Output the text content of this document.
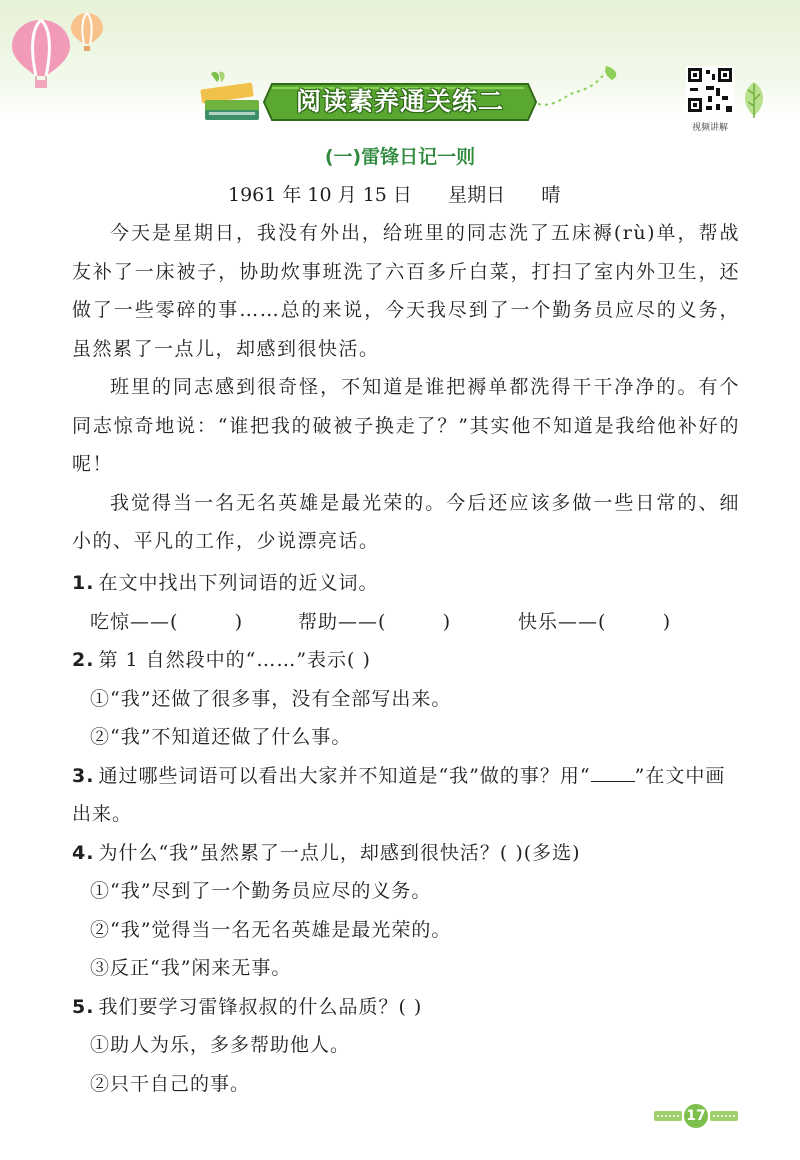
阅读素养通关练二
视频讲解
(一)雷锋日记一则
1961 年 10 月 15 日      星期日      晴

今天是星期日，我没有外出，给班里的同志洗了五床褥(rù)单，帮战友补了一床被子，协助炊事班洗了六百多斤白菜，打扫了室内外卫生，还做了一些零碎的事……总的来说，今天我尽到了一个勤务员应尽的义务，虽然累了一点儿，却感到很快活。

班里的同志感到很奇怪，不知道是谁把褥单都洗得干干净净的。有个同志惊奇地说：“谁把我的破被子换走了？”其实他不知道是我给他补好的呢！

我觉得当一名无名英雄是最光荣的。今后还应该多做一些日常的、细小的、平凡的工作，少说漂亮话。

1. 在文中找出下列词语的近义词。

吃惊——(        )	帮助——(        )	快乐——(        )

2. 第 1 自然段中的“……”表示( )

①“我”还做了很多事，没有全部写出来。

②“我”不知道还做了什么事。

3. 通过哪些词语可以看出大家并不知道是“我”做的事？用“ ”在文中画出来。

4. 为什么“我”虽然累了一点儿，却感到很快活？( )(多选)

①“我”尽到了一个勤务员应尽的义务。

②“我”觉得当一名无名英雄是最光荣的。

③反正“我”闲来无事。

5. 我们要学习雷锋叔叔的什么品质？( )

①助人为乐，多多帮助他人。

②只干自己的事。

17
